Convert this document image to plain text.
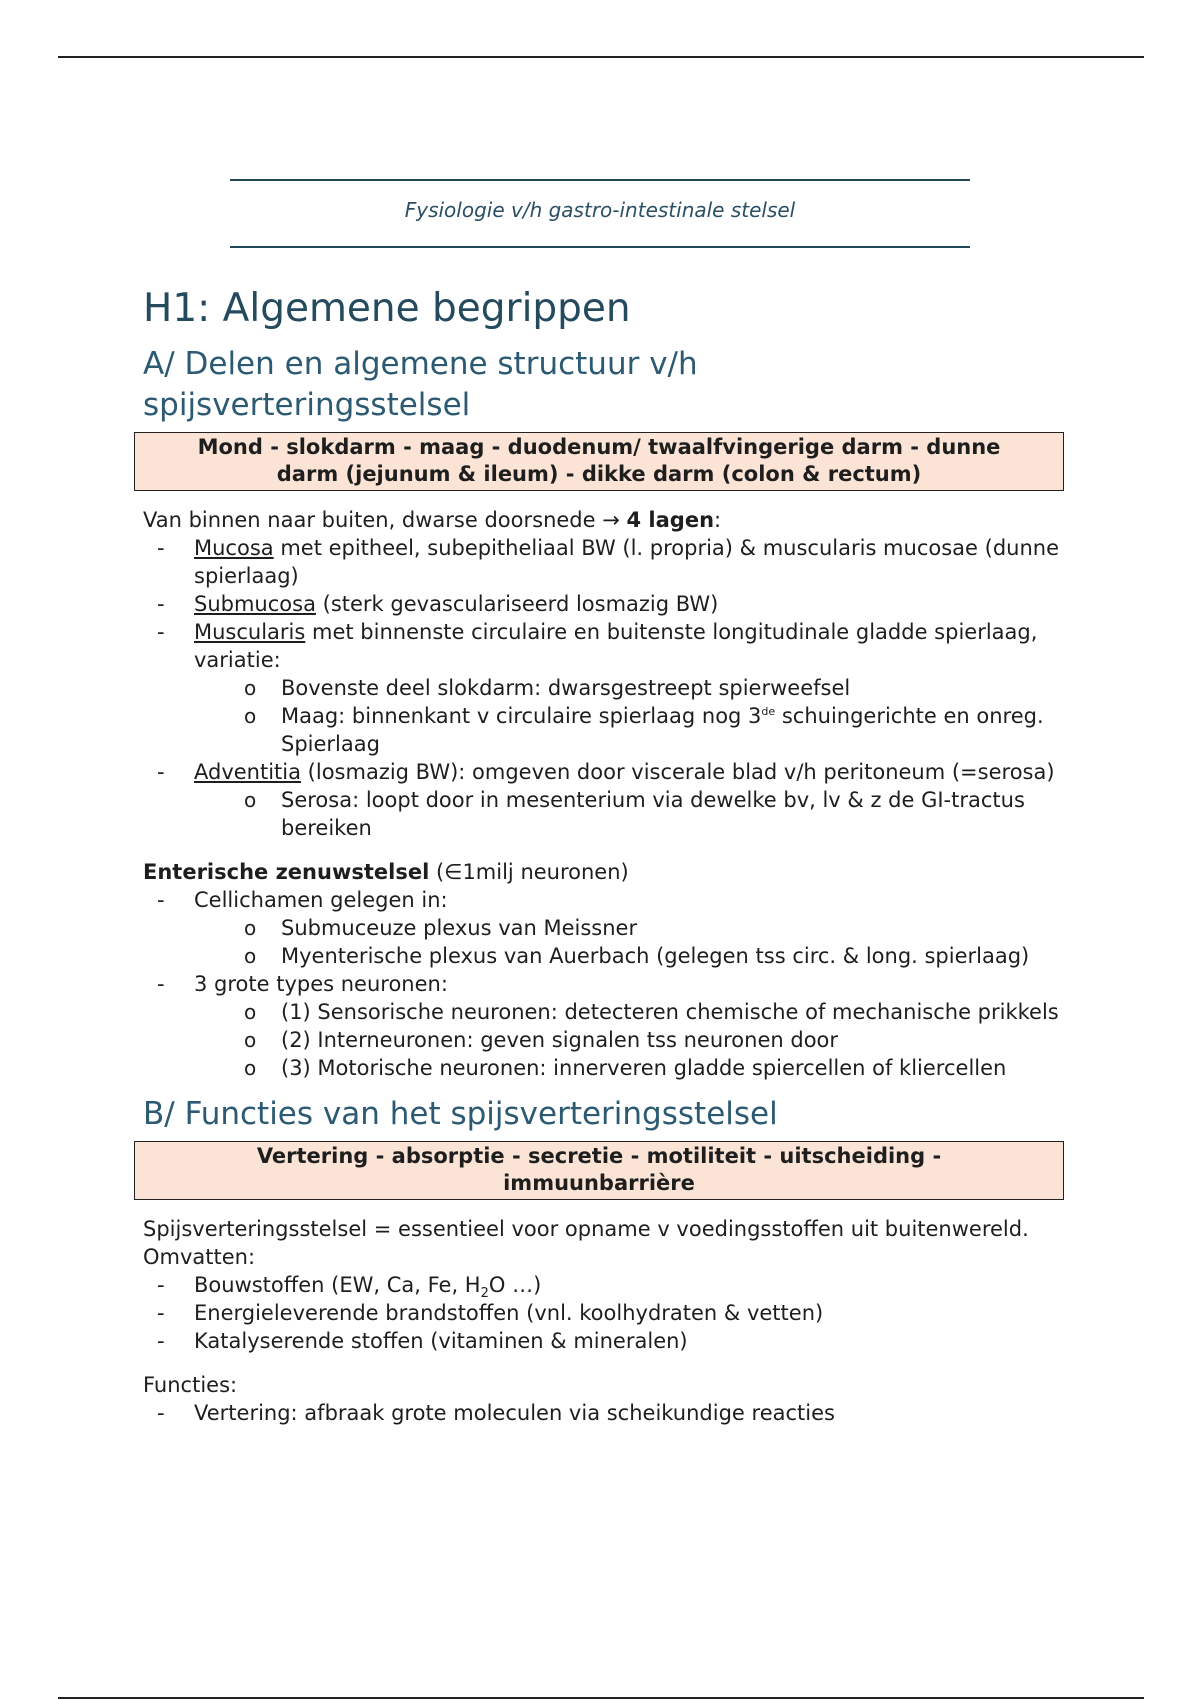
Fysiologie v/h gastro-intestinale stelsel
H1: Algemene begrippen
A/ Delen en algemene structuur v/h
spijsverteringsstelsel
Mond - slokdarm - maag - duodenum/ twaalfvingerige darm - dunne
darm (jejunum & ileum) - dikke darm (colon & rectum)

Van binnen naar buiten, dwarse doorsnede → 4 lagen:

- Mucosa met epitheel, subepitheliaal BW (l. propria) & muscularis mucosae (dunne spierlaag)
- Submucosa (sterk gevasculariseerd losmazig BW)
- Muscularis met binnenste circulaire en buitenste longitudinale gladde spierlaag, variatie:
o Bovenste deel slokdarm: dwarsgestreept spierweefsel
o Maag: binnenkant v circulaire spierlaag nog 3de schuingerichte en onreg. Spierlaag
- Adventitia (losmazig BW): omgeven door viscerale blad v/h peritoneum (=serosa)
o Serosa: loopt door in mesenterium via dewelke bv, lv & z de GI-tractus bereiken

Enterische zenuwstelsel (∈1milj neuronen)

- Cellichamen gelegen in:
o Submuceuze plexus van Meissner
o Myenterische plexus van Auerbach (gelegen tss circ. & long. spierlaag)
- 3 grote types neuronen:
o (1) Sensorische neuronen: detecteren chemische of mechanische prikkels
o (2) Interneuronen: geven signalen tss neuronen door
o (3) Motorische neuronen: innerveren gladde spiercellen of kliercellen
B/ Functies van het spijsverteringsstelsel
Vertering - absorptie - secretie - motiliteit - uitscheiding -
immuunbarrière

Spijsverteringsstelsel = essentieel voor opname v voedingsstoffen uit buitenwereld. Omvatten:

- Bouwstoffen (EW, Ca, Fe, $H_2O$ …)
- Energieleverende brandstoffen (vnl. koolhydraten & vetten)
- Katalyserende stoffen (vitaminen & mineralen)

Functies:

- Vertering: afbraak grote moleculen via scheikundige reacties
